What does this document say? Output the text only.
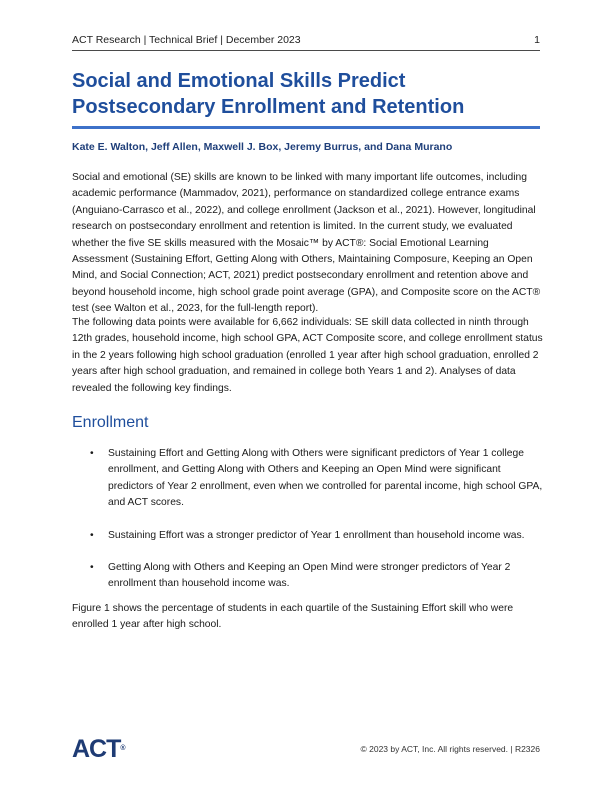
ACT Research | Technical Brief | December 2023	1
Social and Emotional Skills Predict Postsecondary Enrollment and Retention
Kate E. Walton, Jeff Allen, Maxwell J. Box, Jeremy Burrus, and Dana Murano

Social and emotional (SE) skills are known to be linked with many important life outcomes, including academic performance (Mammadov, 2021), performance on standardized college entrance exams (Anguiano-Carrasco et al., 2022), and college enrollment (Jackson et al., 2021). However, longitudinal research on postsecondary enrollment and retention is limited. In the current study, we evaluated whether the five SE skills measured with the Mosaic™ by ACT®: Social Emotional Learning Assessment (Sustaining Effort, Getting Along with Others, Maintaining Composure, Keeping an Open Mind, and Social Connection; ACT, 2021) predict postsecondary enrollment and retention above and beyond household income, high school grade point average (GPA), and Composite score on the ACT® test (see Walton et al., 2023, for the full-length report).

The following data points were available for 6,662 individuals: SE skill data collected in ninth through 12th grades, household income, high school GPA, ACT Composite score, and college enrollment status in the 2 years following high school graduation (enrolled 1 year after high school graduation, enrolled 2 years after high school graduation, and remained in college both Years 1 and 2). Analyses of data revealed the following key findings.

Enrollment
• Sustaining Effort and Getting Along with Others were significant predictors of Year 1 college enrollment, and Getting Along with Others and Keeping an Open Mind were significant predictors of Year 2 enrollment, even when we controlled for parental income, high school GPA, and ACT scores.
• Sustaining Effort was a stronger predictor of Year 1 enrollment than household income was.
• Getting Along with Others and Keeping an Open Mind were stronger predictors of Year 2 enrollment than household income was.

Figure 1 shows the percentage of students in each quartile of the Sustaining Effort skill who were enrolled 1 year after high school.

ACT®	© 2023 by ACT, Inc. All rights reserved. | R2326
